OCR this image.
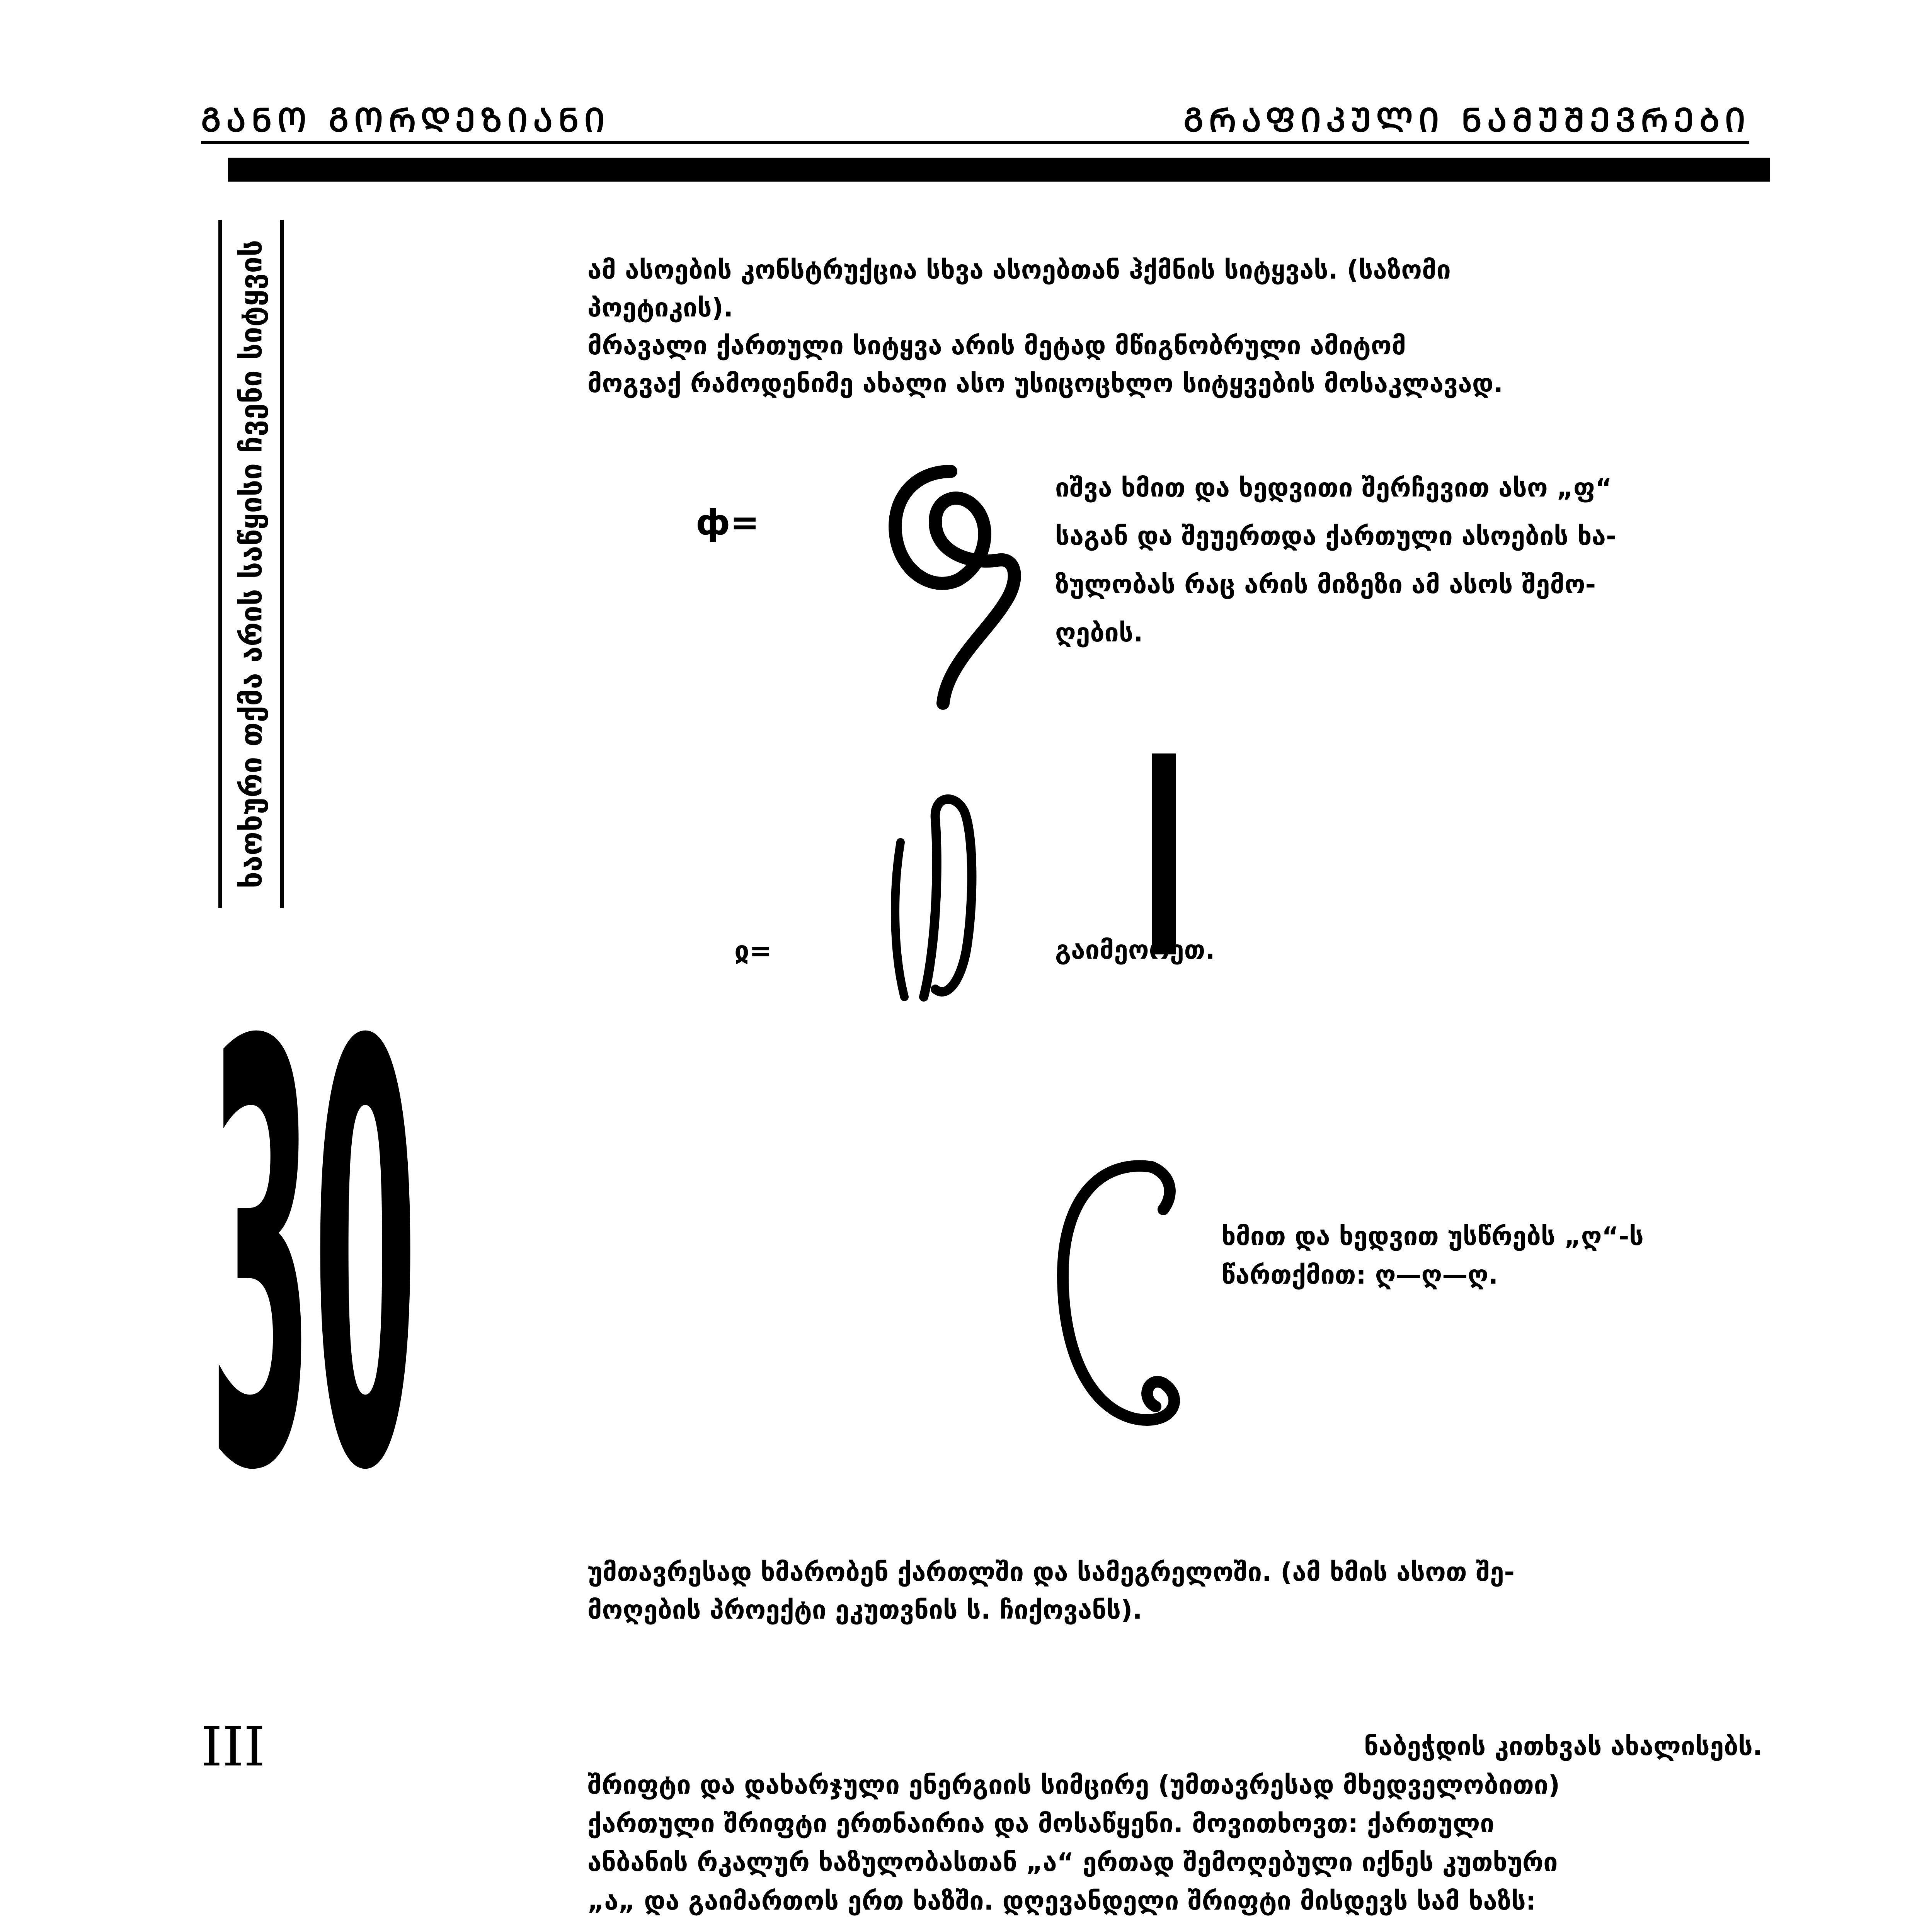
ᲒᲐᲜᲝ ᲒᲝᲠᲓᲔᲖᲘᲐᲜᲘ	ᲒᲠᲐᲤᲘᲙᲣᲚᲘ ᲜᲐᲛᲣᲨᲔᲕᲠᲔᲑᲘ
ხაოხური თქმა არის საწყისი ჩვენი სიტყვის
30
ამ ასოების კონსტრუქცია სხვა ასოებთან ჰქმნის სიტყვას. (საზომი
პოეტიკის).
მრავალი ქართული სიტყვა არის მეტად მწიგნობრული ამიტომ
მოგვაქ რამოდენიმე ახალი ასო უსიცოცხლო სიტყვების მოსაკლავად.
ф=
იშვა ხმით და ხედვითი შერჩევით ასო „ფ“
საგან და შეუერთდა ქართული ასოების ხა-
ზულობას რაც არის მიზეზი ამ ასოს შემო-
ღების.
ჲ=	გაიმეორეთ.
ხმით და ხედვით უსწრებს „ღ“-ს
წართქმით: ღ—ღ—ღ.
უმთავრესად ხმარობენ ქართლში და სამეგრელოში. (ამ ხმის ასოთ შე-
მოღების პროექტი ეკუთვნის ს. ჩიქოვანს).
III	ნაბეჭდის კითხვას ახალისებს.
შრიფტი და დახარჯული ენერგიის სიმცირე (უმთავრესად მხედველობითი)
ქართული შრიფტი ერთნაირია და მოსაწყენი. მოვითხოვთ: ქართული
ანბანის რკალურ ხაზულობასთან „ა“ ერთად შემოღებული იქნეს კუთხური
„ა„ და გაიმართოს ერთ ხაზში. დღევანდელი შრიფტი მისდევს სამ ხაზს:
